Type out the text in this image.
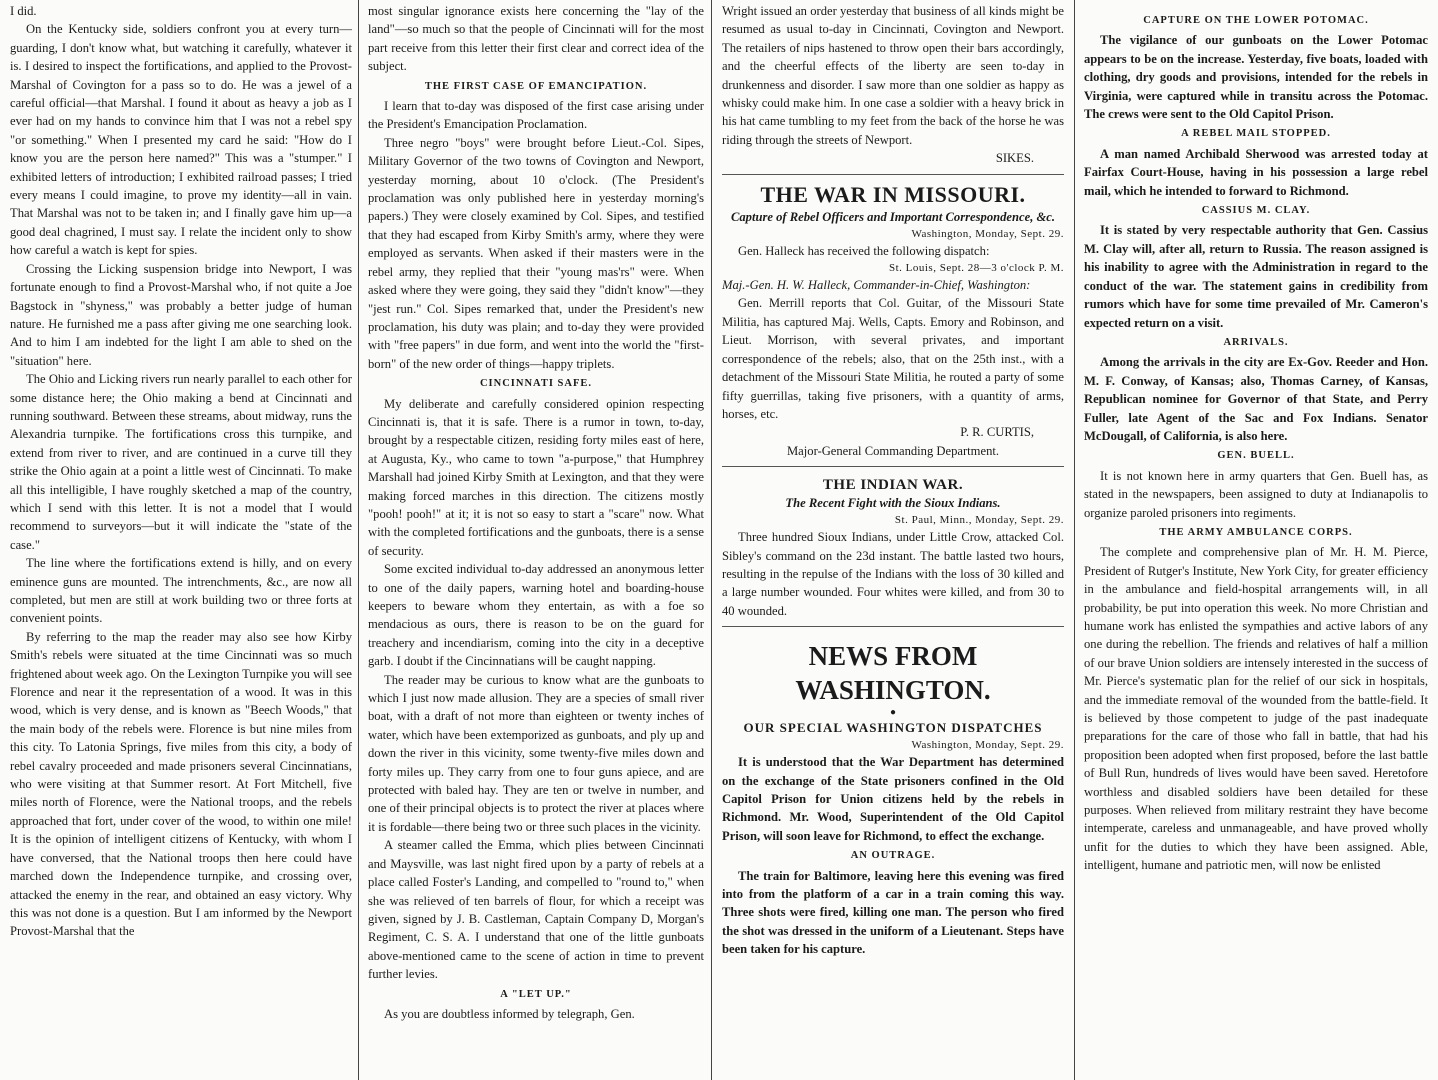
I did.

On the Kentucky side, soldiers confront you at every turn—guarding, I don't know what, but watching it carefully, whatever it is. I desired to inspect the fortifications, and applied to the Provost-Marshal of Covington for a pass so to do. He was a jewel of a careful official—that Marshal. I found it about as heavy a job as I ever had on my hands to convince him that I was not a rebel spy "or something." When I presented my card he said: "How do I know you are the person here named?" This was a "stumper." I exhibited letters of introduction; I exhibited railroad passes; I tried every means I could imagine, to prove my identity—all in vain. That Marshal was not to be taken in; and I finally gave him up—a good deal chagrined, I must say. I relate the incident only to show how careful a watch is kept for spies.

Crossing the Licking suspension bridge into Newport, I was fortunate enough to find a Provost-Marshal who, if not quite a Joe Bagstock in "shyness," was probably a better judge of human nature. He furnished me a pass after giving me one searching look. And to him I am indebted for the light I am able to shed on the "situation" here.

The Ohio and Licking rivers run nearly parallel to each other for some distance here; the Ohio making a bend at Cincinnati and running southward. Between these streams, about midway, runs the Alexandria turnpike. The fortifications cross this turnpike, and extend from river to river, and are continued in a curve till they strike the Ohio again at a point a little west of Cincinnati. To make all this intelligible, I have roughly sketched a map of the country, which I send with this letter. It is not a model that I would recommend to surveyors—but it will indicate the "state of the case."

The line where the fortifications extend is hilly, and on every eminence guns are mounted. The intrenchments, &c., are now all completed, but men are still at work building two or three forts at convenient points.

By referring to the map the reader may also see how Kirby Smith's rebels were situated at the time Cincinnati was so much frightened about week ago. On the Lexington Turnpike you will see Florence and near it the representation of a wood. It was in this wood, which is very dense, and is known as "Beech Woods," that the main body of the rebels were. Florence is but nine miles from this city. To Latonia Springs, five miles from this city, a body of rebel cavalry proceeded and made prisoners several Cincinnatians, who were visiting at that Summer resort. At Fort Mitchell, five miles north of Florence, were the National troops, and the rebels approached that fort, under cover of the wood, to within one mile! It is the opinion of intelligent citizens of Kentucky, with whom I have conversed, that the National troops then here could have marched down the Independence turnpike, and crossing over, attacked the enemy in the rear, and obtained an easy victory. Why this was not done is a question. But I am informed by the Newport Provost-Marshal that the

most singular ignorance exists here concerning the "lay of the land"—so much so that the people of Cincinnati will for the most part receive from this letter their first clear and correct idea of the subject.

THE FIRST CASE OF EMANCIPATION.

I learn that to-day was disposed of the first case arising under the President's Emancipation Proclamation.

Three negro "boys" were brought before Lieut.-Col. Sipes, Military Governor of the two towns of Covington and Newport, yesterday morning, about 10 o'clock. (The President's proclamation was only published here in yesterday morning's papers.) They were closely examined by Col. Sipes, and testified that they had escaped from Kirby Smith's army, where they were employed as servants. When asked if their masters were in the rebel army, they replied that their "young mas'rs" were. When asked where they were going, they said they "didn't know"—they "jest run." Col. Sipes remarked that, under the President's new proclamation, his duty was plain; and to-day they were provided with "free papers" in due form, and went into the world the "first-born" of the new order of things—happy triplets.

CINCINNATI SAFE.

My deliberate and carefully considered opinion respecting Cincinnati is, that it is safe. There is a rumor in town, to-day, brought by a respectable citizen, residing forty miles east of here, at Augusta, Ky., who came to town "a-purpose," that Humphrey Marshall had joined Kirby Smith at Lexington, and that they were making forced marches in this direction. The citizens mostly "pooh! pooh!" at it; it is not so easy to start a "scare" now. What with the completed fortifications and the gunboats, there is a sense of security.

Some excited individual to-day addressed an anonymous letter to one of the daily papers, warning hotel and boarding-house keepers to beware whom they entertain, as with a foe so mendacious as ours, there is reason to be on the guard for treachery and incendiarism, coming into the city in a deceptive garb. I doubt if the Cincinnatians will be caught napping.

The reader may be curious to know what are the gunboats to which I just now made allusion. They are a species of small river boat, with a draft of not more than eighteen or twenty inches of water, which have been extemporized as gunboats, and ply up and down the river in this vicinity, some twenty-five miles down and forty miles up. They carry from one to four guns apiece, and are protected with baled hay. They are ten or twelve in number, and one of their principal objects is to protect the river at places where it is fordable—there being two or three such places in the vicinity.

A steamer called the Emma, which plies between Cincinnati and Maysville, was last night fired upon by a party of rebels at a place called Foster's Landing, and compelled to "round to," when she was relieved of ten barrels of flour, for which a receipt was given, signed by J. B. Castleman, Captain Company D, Morgan's Regiment, C. S. A. I understand that one of the little gunboats above-mentioned came to the scene of action in time to prevent further levies.

A "LET UP."

As you are doubtless informed by telegraph, Gen.

Wright issued an order yesterday that business of all kinds might be resumed as usual to-day in Cincinnati, Covington and Newport. The retailers of nips hastened to throw open their bars accordingly, and the cheerful effects of the liberty are seen to-day in drunkenness and disorder. I saw more than one soldier as happy as whisky could make him. In one case a soldier with a heavy brick in his hat came tumbling to my feet from the back of the horse he was riding through the streets of Newport.

SIKES.
THE WAR IN MISSOURI.
Capture of Rebel Officers and Important Correspondence, &c.
Washington, Monday, Sept. 29.

Gen. Halleck has received the following dispatch:

St. Louis, Sept. 28—3 o'clock P. M.

Maj.-Gen. H. W. Halleck, Commander-in-Chief, Washington:

Gen. Merrill reports that Col. Guitar, of the Missouri State Militia, has captured Maj. Wells, Capts. Emory and Robinson, and Lieut. Morrison, with several privates, and important correspondence of the rebels; also, that on the 25th inst., with a detachment of the Missouri State Militia, he routed a party of some fifty guerrillas, taking five prisoners, with a quantity of arms, horses, etc.

P. R. CURTIS,
Major-General Commanding Department.
THE INDIAN WAR.
The Recent Fight with the Sioux Indians.
St. Paul, Minn., Monday, Sept. 29.

Three hundred Sioux Indians, under Little Crow, attacked Col. Sibley's command on the 23d instant. The battle lasted two hours, resulting in the repulse of the Indians with the loss of 30 killed and a large number wounded. Four whites were killed, and from 30 to 40 wounded.

NEWS FROM WASHINGTON.
●
OUR SPECIAL WASHINGTON DISPATCHES
Washington, Monday, Sept. 29.

It is understood that the War Department has determined on the exchange of the State prisoners confined in the Old Capitol Prison for Union citizens held by the rebels in Richmond. Mr. Wood, Superintendent of the Old Capitol Prison, will soon leave for Richmond, to effect the exchange.

AN OUTRAGE.

The train for Baltimore, leaving here this evening was fired into from the platform of a car in a train coming this way. Three shots were fired, killing one man. The person who fired the shot was dressed in the uniform of a Lieutenant. Steps have been taken for his capture.

CAPTURE ON THE LOWER POTOMAC.

The vigilance of our gunboats on the Lower Potomac appears to be on the increase. Yesterday, five boats, loaded with clothing, dry goods and provisions, intended for the rebels in Virginia, were captured while in transitu across the Potomac. The crews were sent to the Old Capitol Prison.

A REBEL MAIL STOPPED.

A man named Archibald Sherwood was arrested today at Fairfax Court-House, having in his possession a large rebel mail, which he intended to forward to Richmond.

CASSIUS M. CLAY.

It is stated by very respectable authority that Gen. Cassius M. Clay will, after all, return to Russia. The reason assigned is his inability to agree with the Administration in regard to the conduct of the war. The statement gains in credibility from rumors which have for some time prevailed of Mr. Cameron's expected return on a visit.

ARRIVALS.

Among the arrivals in the city are Ex-Gov. Reeder and Hon. M. F. Conway, of Kansas; also, Thomas Carney, of Kansas, Republican nominee for Governor of that State, and Perry Fuller, late Agent of the Sac and Fox Indians. Senator McDougall, of California, is also here.

GEN. BUELL.

It is not known here in army quarters that Gen. Buell has, as stated in the newspapers, been assigned to duty at Indianapolis to organize paroled prisoners into regiments.

THE ARMY AMBULANCE CORPS.

The complete and comprehensive plan of Mr. H. M. Pierce, President of Rutger's Institute, New York City, for greater efficiency in the ambulance and field-hospital arrangements will, in all probability, be put into operation this week. No more Christian and humane work has enlisted the sympathies and active labors of any one during the rebellion. The friends and relatives of half a million of our brave Union soldiers are intensely interested in the success of Mr. Pierce's systematic plan for the relief of our sick in hospitals, and the immediate removal of the wounded from the battle-field. It is believed by those competent to judge of the past inadequate preparations for the care of those who fall in battle, that had his proposition been adopted when first proposed, before the last battle of Bull Run, hundreds of lives would have been saved. Heretofore worthless and disabled soldiers have been detailed for these purposes. When relieved from military restraint they have become intemperate, careless and unmanageable, and have proved wholly unfit for the duties to which they have been assigned. Able, intelligent, humane and patriotic men, will now be enlisted
